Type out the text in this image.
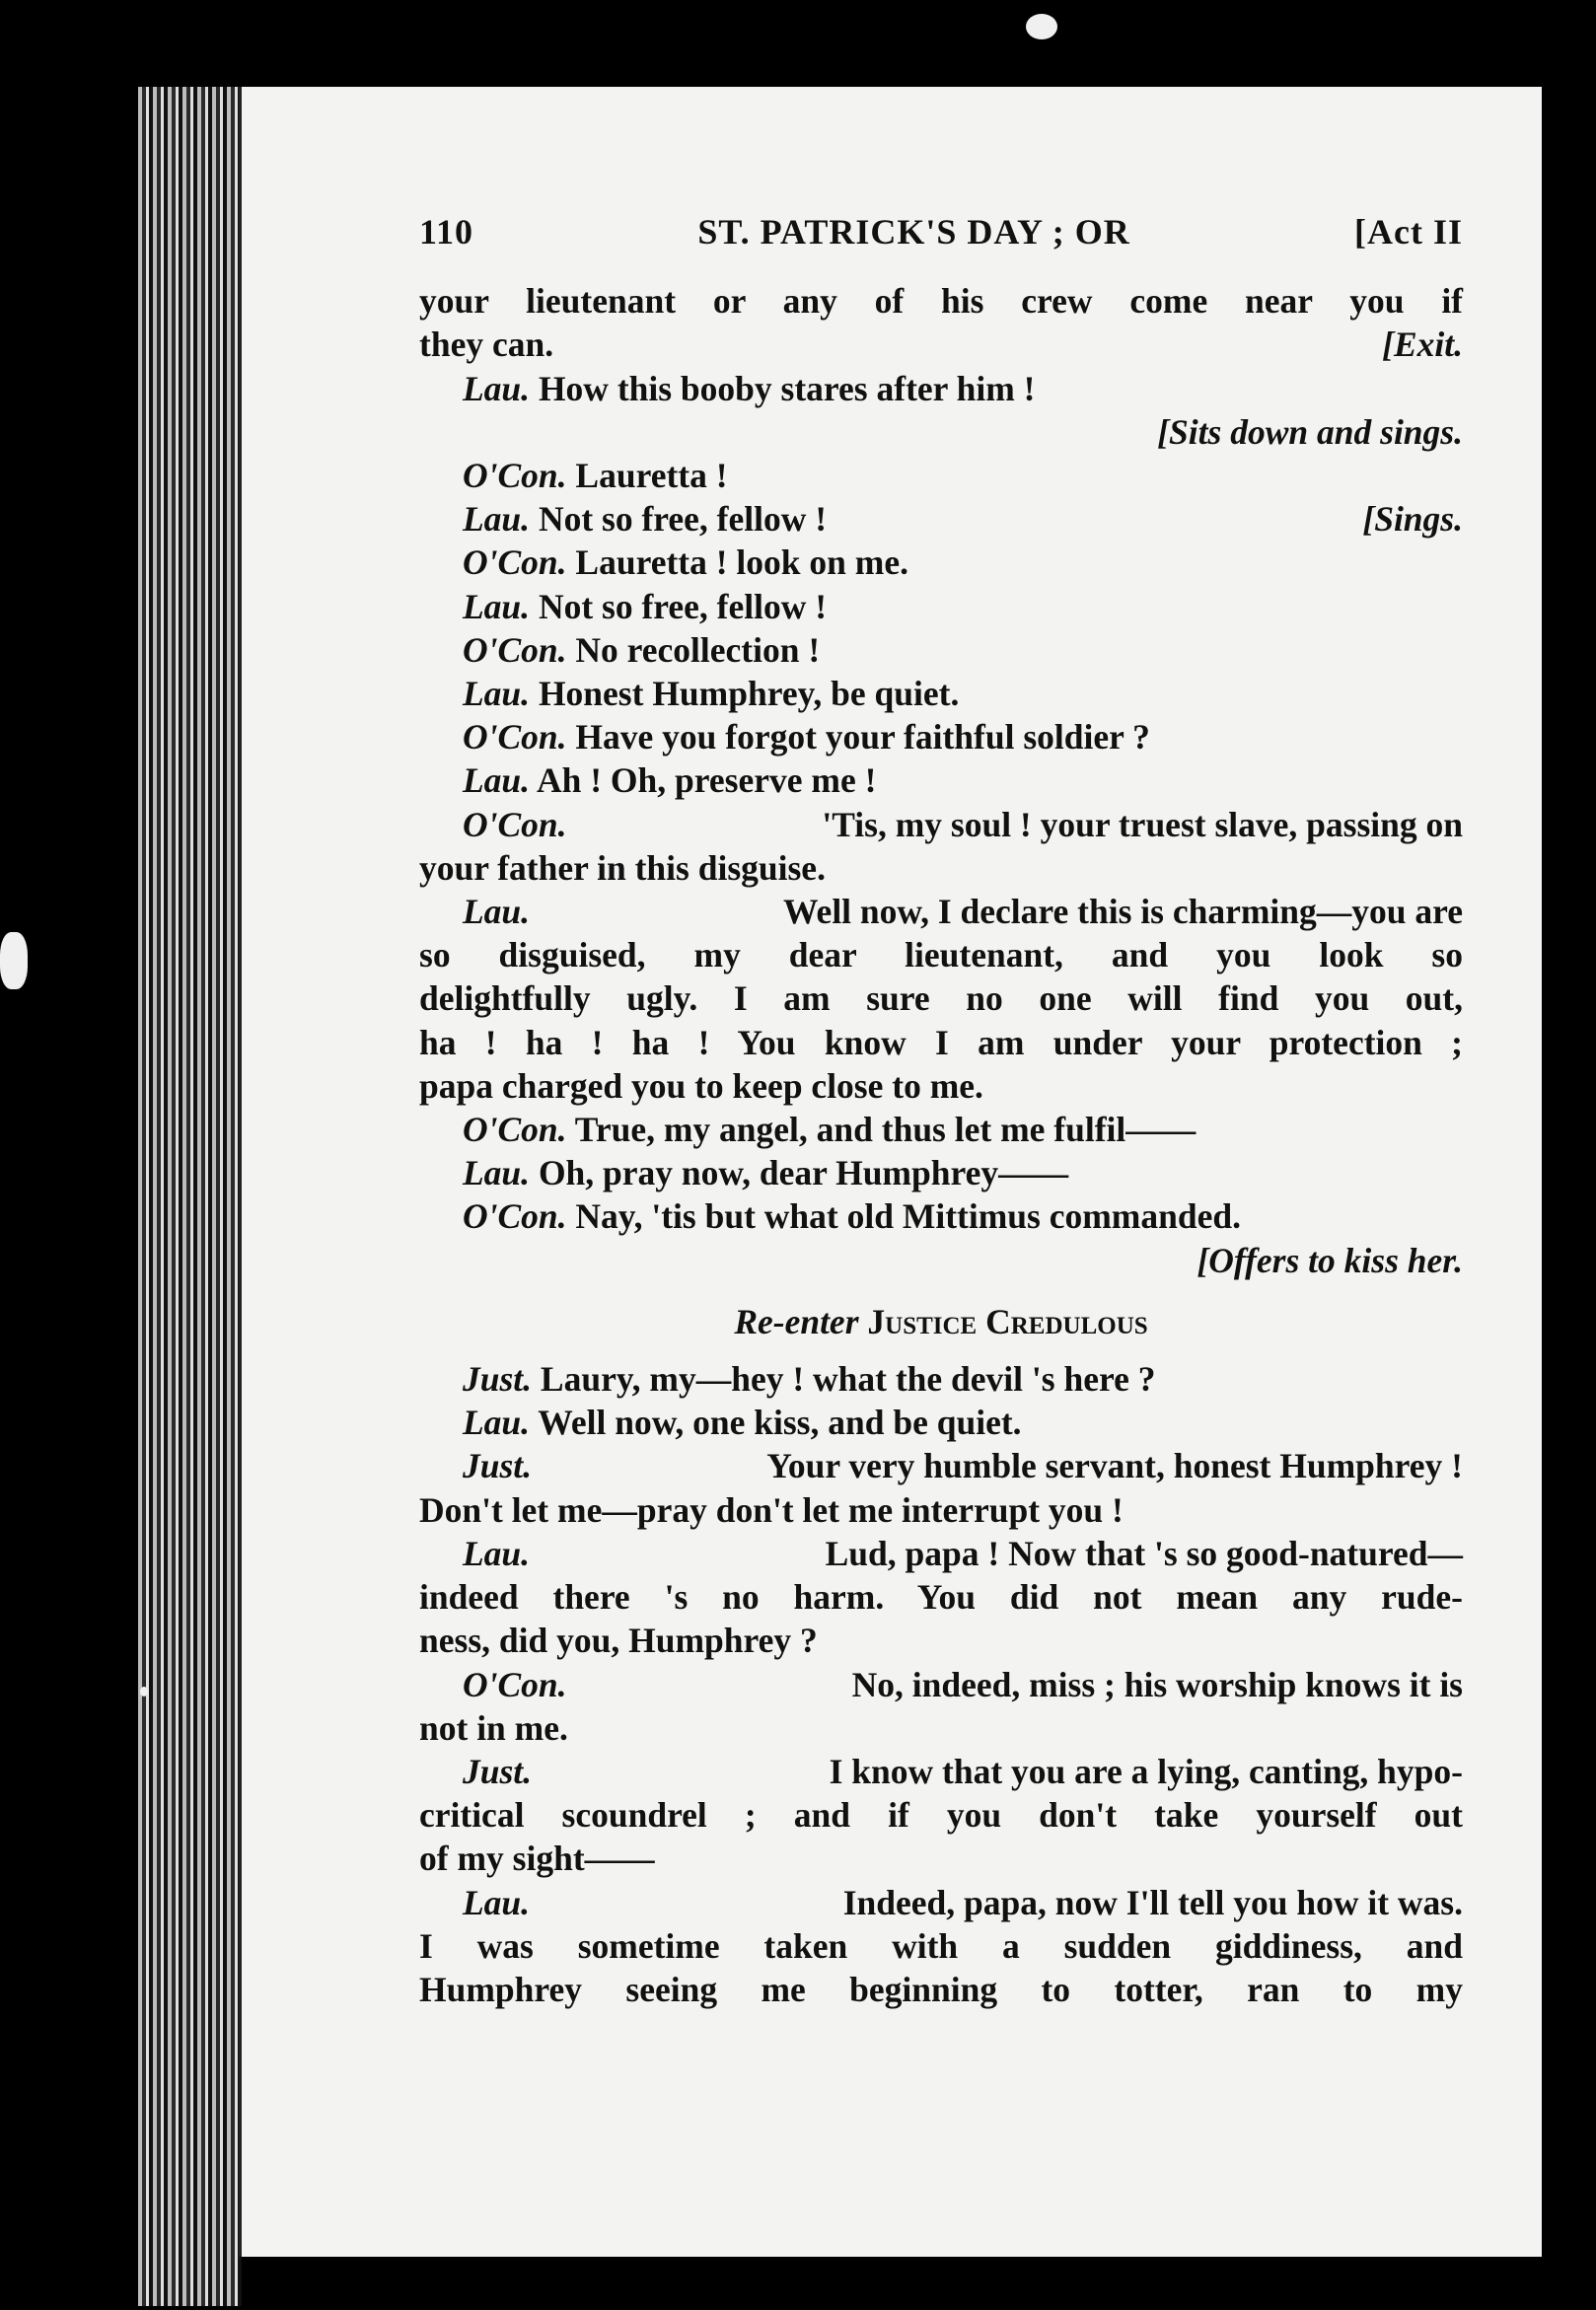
110	ST. PATRICK'S DAY ; OR	[Act II
your lieutenant or any of his crew come near you if
they can.	[Exit.
Lau. How this booby stares after him !
[Sits down and sings.
O'Con. Lauretta !
Lau. Not so free, fellow !	[Sings.
O'Con. Lauretta ! look on me.
Lau. Not so free, fellow !
O'Con. No recollection !
Lau. Honest Humphrey, be quiet.
O'Con. Have you forgot your faithful soldier ?
Lau. Ah ! Oh, preserve me !
O'Con.	'Tis, my soul ! your truest slave, passing on
your father in this disguise.
Lau.	Well now, I declare this is charming—you are
so disguised, my dear lieutenant, and you look so
delightfully ugly. I am sure no one will find you out,
ha ! ha ! ha ! You know I am under your protection ;
papa charged you to keep close to me.
O'Con. True, my angel, and thus let me fulfil——
Lau. Oh, pray now, dear Humphrey——
O'Con. Nay, 'tis but what old Mittimus commanded.
[Offers to kiss her.
Re-enter Justice Credulous
Just. Laury, my—hey ! what the devil 's here ?
Lau. Well now, one kiss, and be quiet.
Just.	Your very humble servant, honest Humphrey !
Don't let me—pray don't let me interrupt you !
Lau.	Lud, papa ! Now that 's so good-natured—
indeed there 's no harm. You did not mean any rude-
ness, did you, Humphrey ?
O'Con.	No, indeed, miss ; his worship knows it is
not in me.
Just.	I know that you are a lying, canting, hypo-
critical scoundrel ; and if you don't take yourself out
of my sight——
Lau.	Indeed, papa, now I'll tell you how it was.
I was sometime taken with a sudden giddiness, and
Humphrey seeing me beginning to totter, ran to my
